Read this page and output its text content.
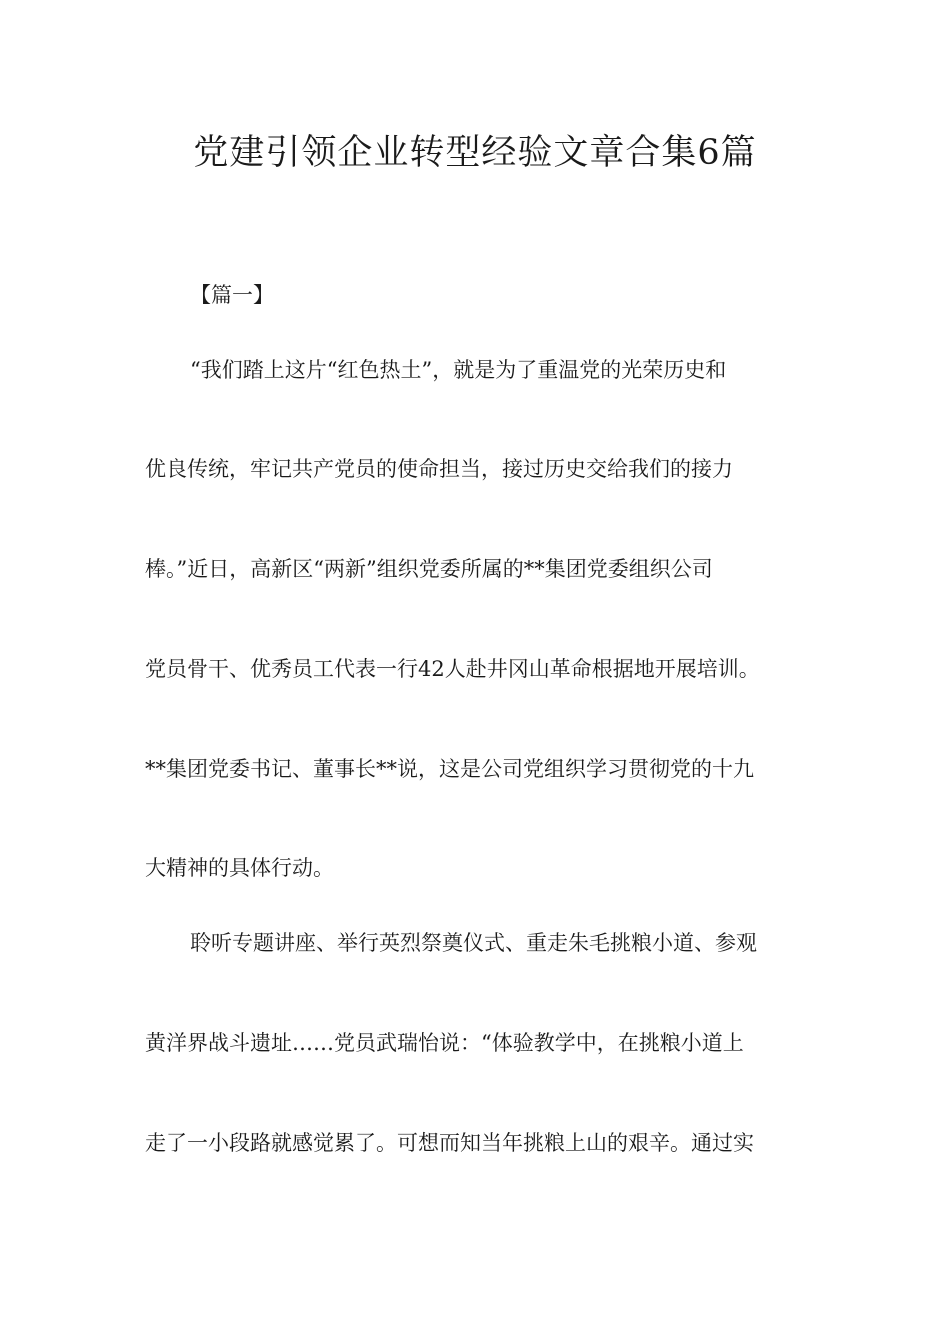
党建引领企业转型经验文章合集6篇

【篇一】

“我们踏上这片“红色热土”，就是为了重温党的光荣历史和

优良传统，牢记共产党员的使命担当，接过历史交给我们的接力

棒。”近日，高新区“两新”组织党委所属的**集团党委组织公司

党员骨干、优秀员工代表一行42人赴井冈山革命根据地开展培训。

**集团党委书记、董事长**说，这是公司党组织学习贯彻党的十九

大精神的具体行动。

聆听专题讲座、举行英烈祭奠仪式、重走朱毛挑粮小道、参观

黄洋界战斗遗址……党员武瑞怡说：“体验教学中，在挑粮小道上

走了一小段路就感觉累了。可想而知当年挑粮上山的艰辛。通过实
